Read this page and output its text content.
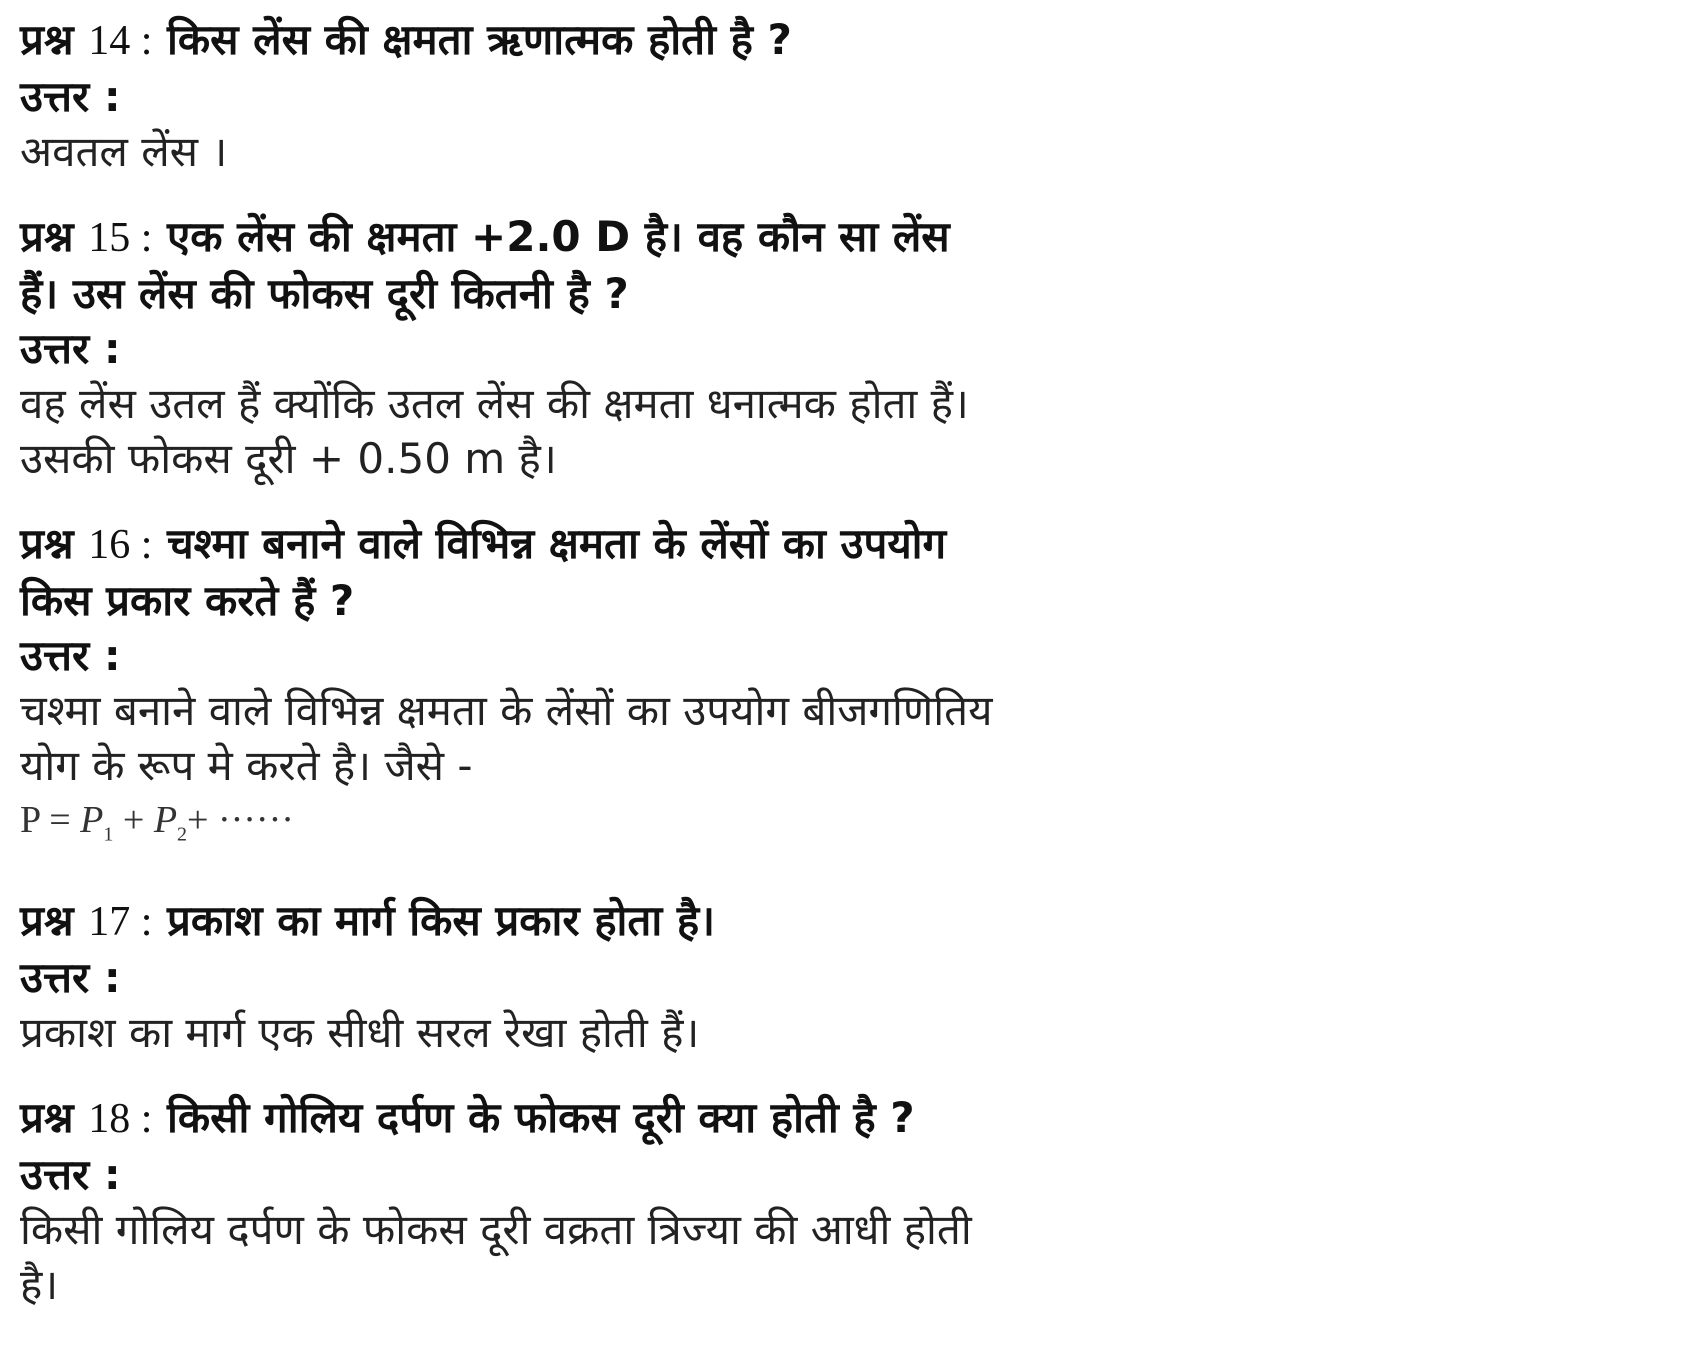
प्रश्न 14 : किस लेंस की क्षमता ऋणात्मक होती है ?
उत्तर :
अवतल लेंस ।
प्रश्न 15 : एक लेंस की क्षमता +2.0 D है। वह कौन सा लेंस
हैं। उस लेंस की फोकस दूरी कितनी है ?
उत्तर :
वह लेंस उतल हैं क्योंकि उतल लेंस की क्षमता धनात्मक होता हैं।
उसकी फोकस दूरी + 0.50 m है।
प्रश्न 16 : चश्मा बनाने वाले विभिन्न क्षमता के लेंसों का उपयोग
किस प्रकार करते हैं ?
उत्तर :
चश्मा बनाने वाले विभिन्न क्षमता के लेंसों का उपयोग बीजगणितिय
योग के रूप मे करते है। जैसे -
$P = P_1 + P_2+$ ······
प्रश्न 17 : प्रकाश का मार्ग किस प्रकार होता है।
उत्तर :
प्रकाश का मार्ग एक सीधी सरल रेखा होती हैं।
प्रश्न 18 : किसी गोलिय दर्पण के फोकस दूरी क्या होती है ?
उत्तर :
किसी गोलिय दर्पण के फोकस दूरी वक्रता त्रिज्या की आधी होती
है।
